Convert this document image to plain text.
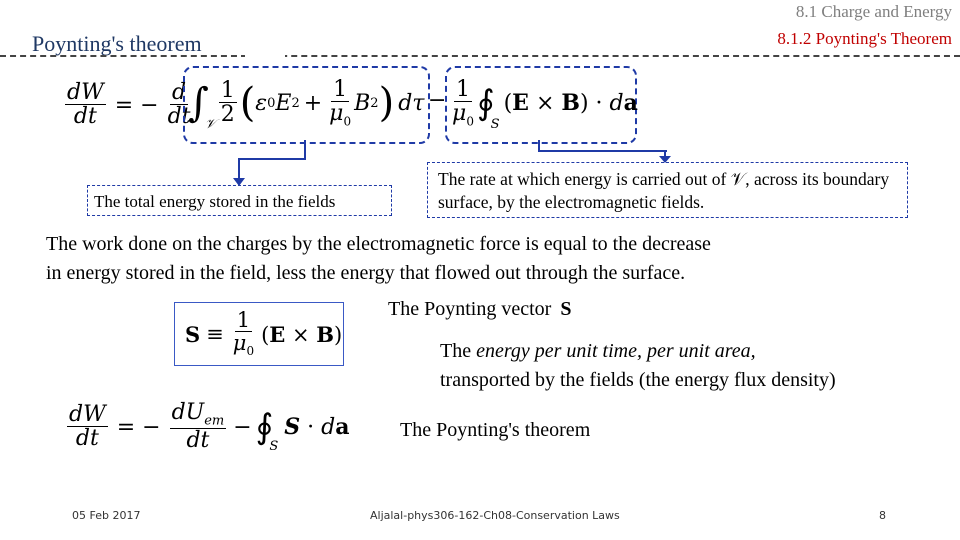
8.1 Charge and Energy
8.1.2 Poynting's Theorem
Poynting's theorem
$\frac{dW}{dt}$ = − $\frac{d}{dt}$
∫
𝒱 $\frac{1}{2}$ ( ε 0 E $2 + \frac{1}{\mu_0}$ B 2 ) $d\tau - \frac{1}{\mu_0}$ ∮
S
(E × B) · da
The total energy stored in the fields
The rate at which energy is carried out of 𝒱, across its boundary surface, by the electromagnetic fields.
The work done on the charges by the electromagnetic force is equal to the decrease
in energy stored in the field, less the energy that flowed out through the surface.
The Poynting vector S
$S \equiv \frac{1}{\mu_0} (E \times B)$
The energy per unit time, per unit area,
transported by the fields (the energy flux density)
$\frac{dW}{dt}$ = − $\frac{dU_{em}}{dt}$ − ∮
S
S · da	The Poynting's theorem
05 Feb 2017	Aljalal-phys306-162-Ch08-Conservation Laws	8
